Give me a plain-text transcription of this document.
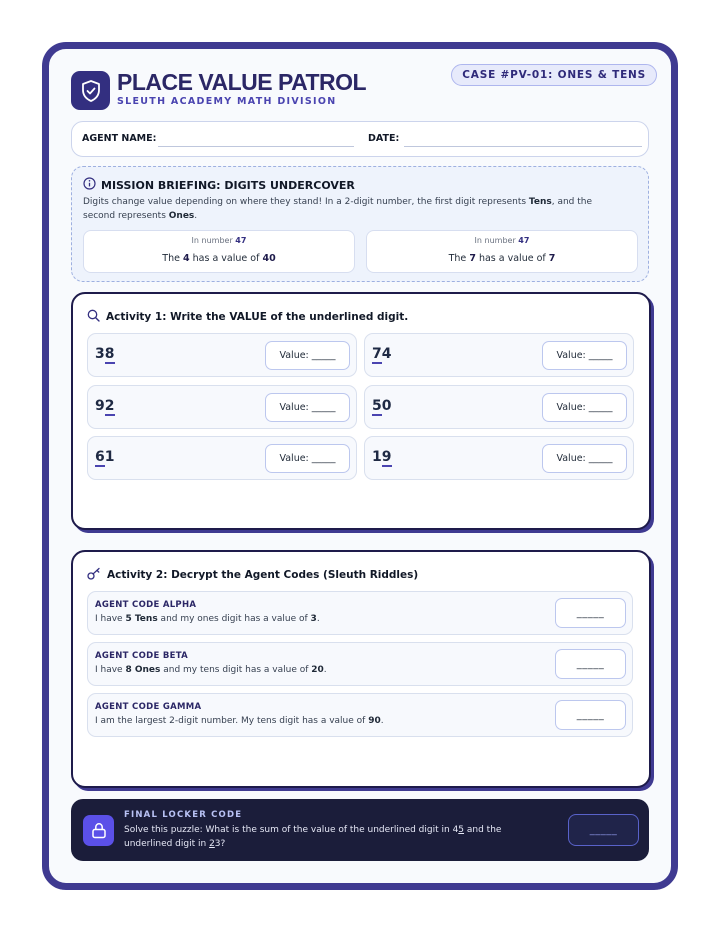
PLACE VALUE PATROL
SLEUTH ACADEMY MATH DIVISION
CASE #PV-01: ONES & TENS
AGENT NAME:	DATE:
MISSION BRIEFING: DIGITS UNDERCOVER
Digits change value depending on where they stand! In a 2-digit number, the first digit represents Tens, and the second represents Ones.
In number 47
The 4 has a value of 40
In number 47
The 7 has a value of 7
Activity 1: Write the VALUE of the underlined digit.
38	Value: _____	74	Value: _____
92	Value: _____	50	Value: _____
61	Value: _____	19	Value: _____
Activity 2: Decrypt the Agent Codes (Sleuth Riddles)
AGENT CODE ALPHA
I have 5 Tens and my ones digit has a value of 3.
_____
AGENT CODE BETA
I have 8 Ones and my tens digit has a value of 20.
_____
AGENT CODE GAMMA
I am the largest 2-digit number. My tens digit has a value of 90.
_____
FINAL LOCKER CODE
Solve this puzzle: What is the sum of the value of the underlined digit in 45 and the underlined digit in 23?
_____
